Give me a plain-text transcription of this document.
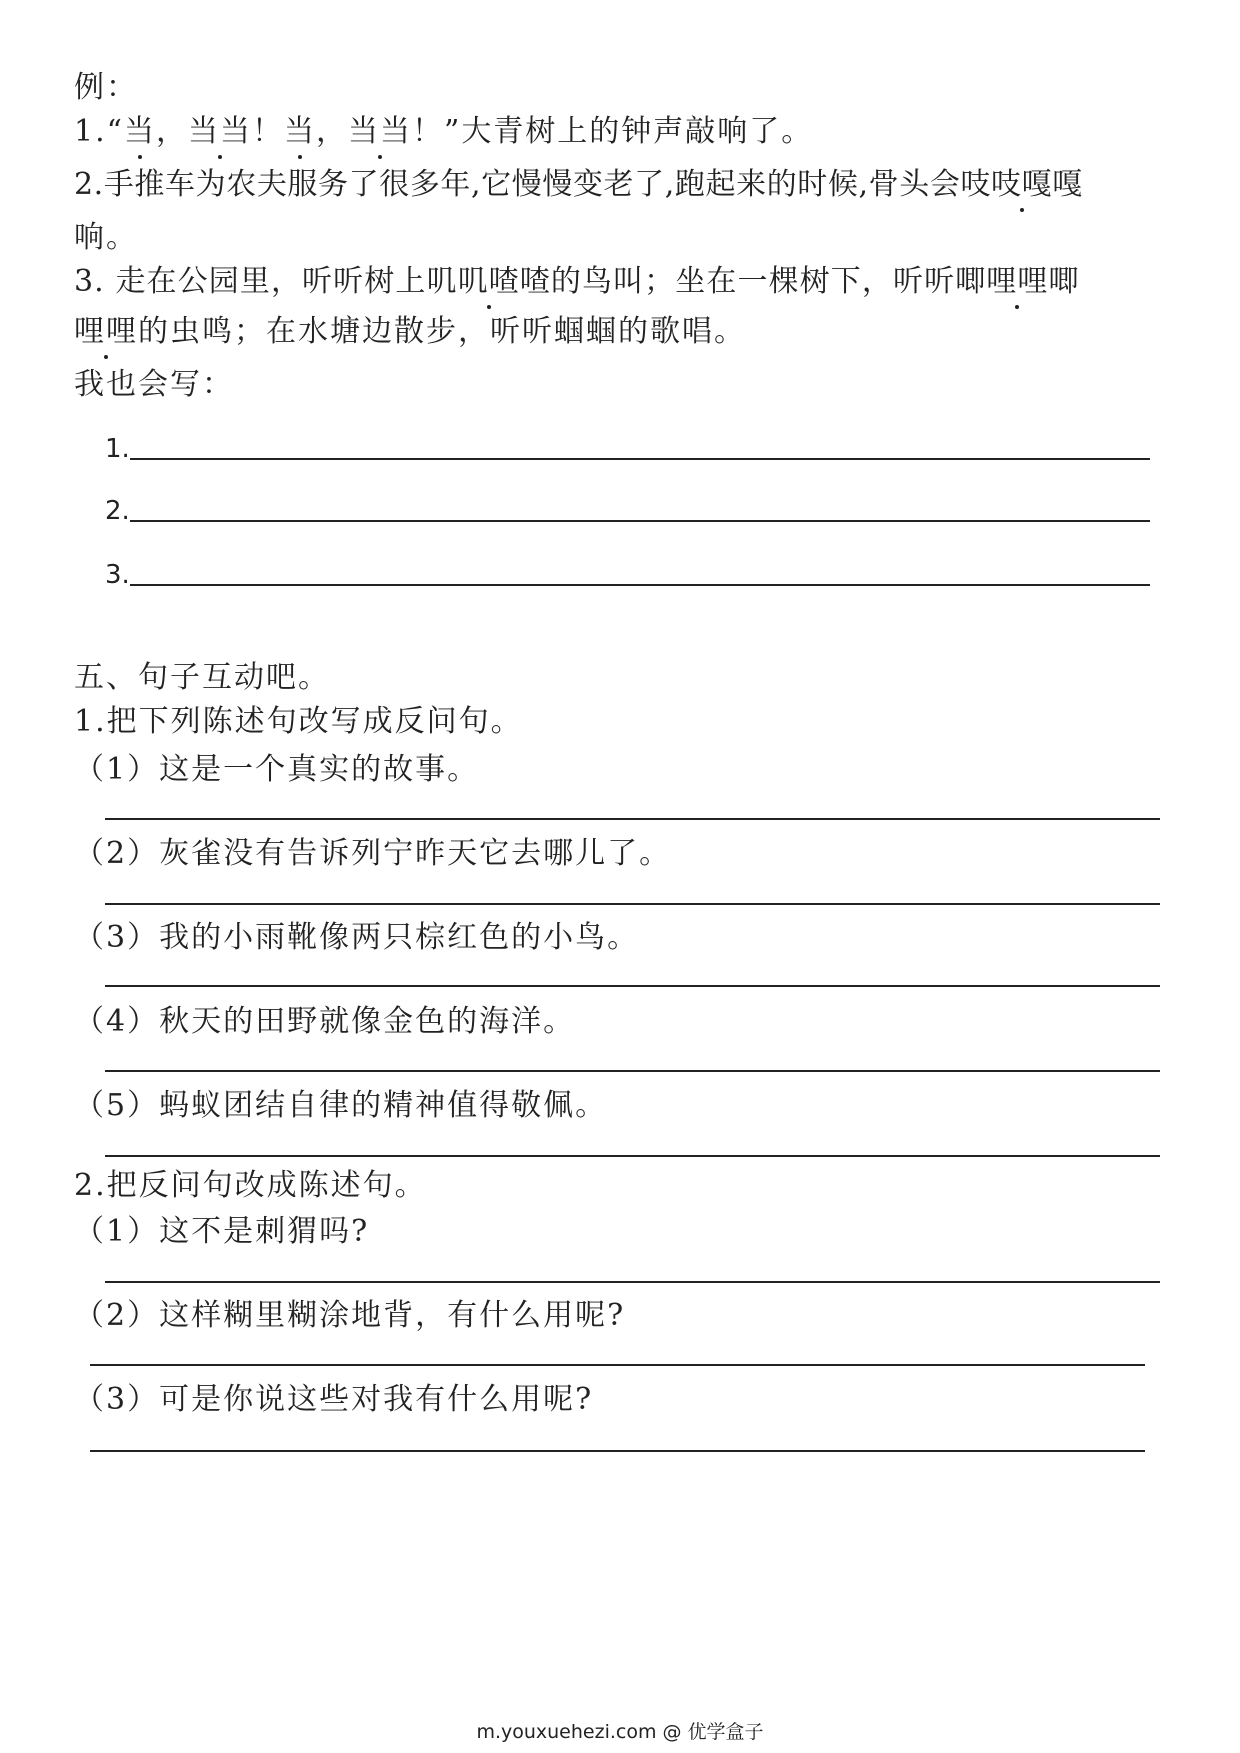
例：
1.“当，当当！当，当当！”大青树上的钟声敲响了。
2.手推车为农夫服务了很多年,它慢慢变老了,跑起来的时候,骨头会吱吱嘎嘎
响。
3. 走在公园里，听听树上叽叽喳喳的鸟叫；坐在一棵树下，听听唧哩哩唧
哩哩的虫鸣；在水塘边散步，听听蝈蝈的歌唱。
我也会写：
1.
2.
3.
五、句子互动吧。
1.把下列陈述句改写成反问句。
（1）这是一个真实的故事。
（2）灰雀没有告诉列宁昨天它去哪儿了。
（3）我的小雨靴像两只棕红色的小鸟。
（4）秋天的田野就像金色的海洋。
（5）蚂蚁团结自律的精神值得敬佩。
2.把反问句改成陈述句。
（1）这不是刺猬吗?
（2）这样糊里糊涂地背，有什么用呢?
（3）可是你说这些对我有什么用呢?
m.youxuehezi.com @ 优学盒子
